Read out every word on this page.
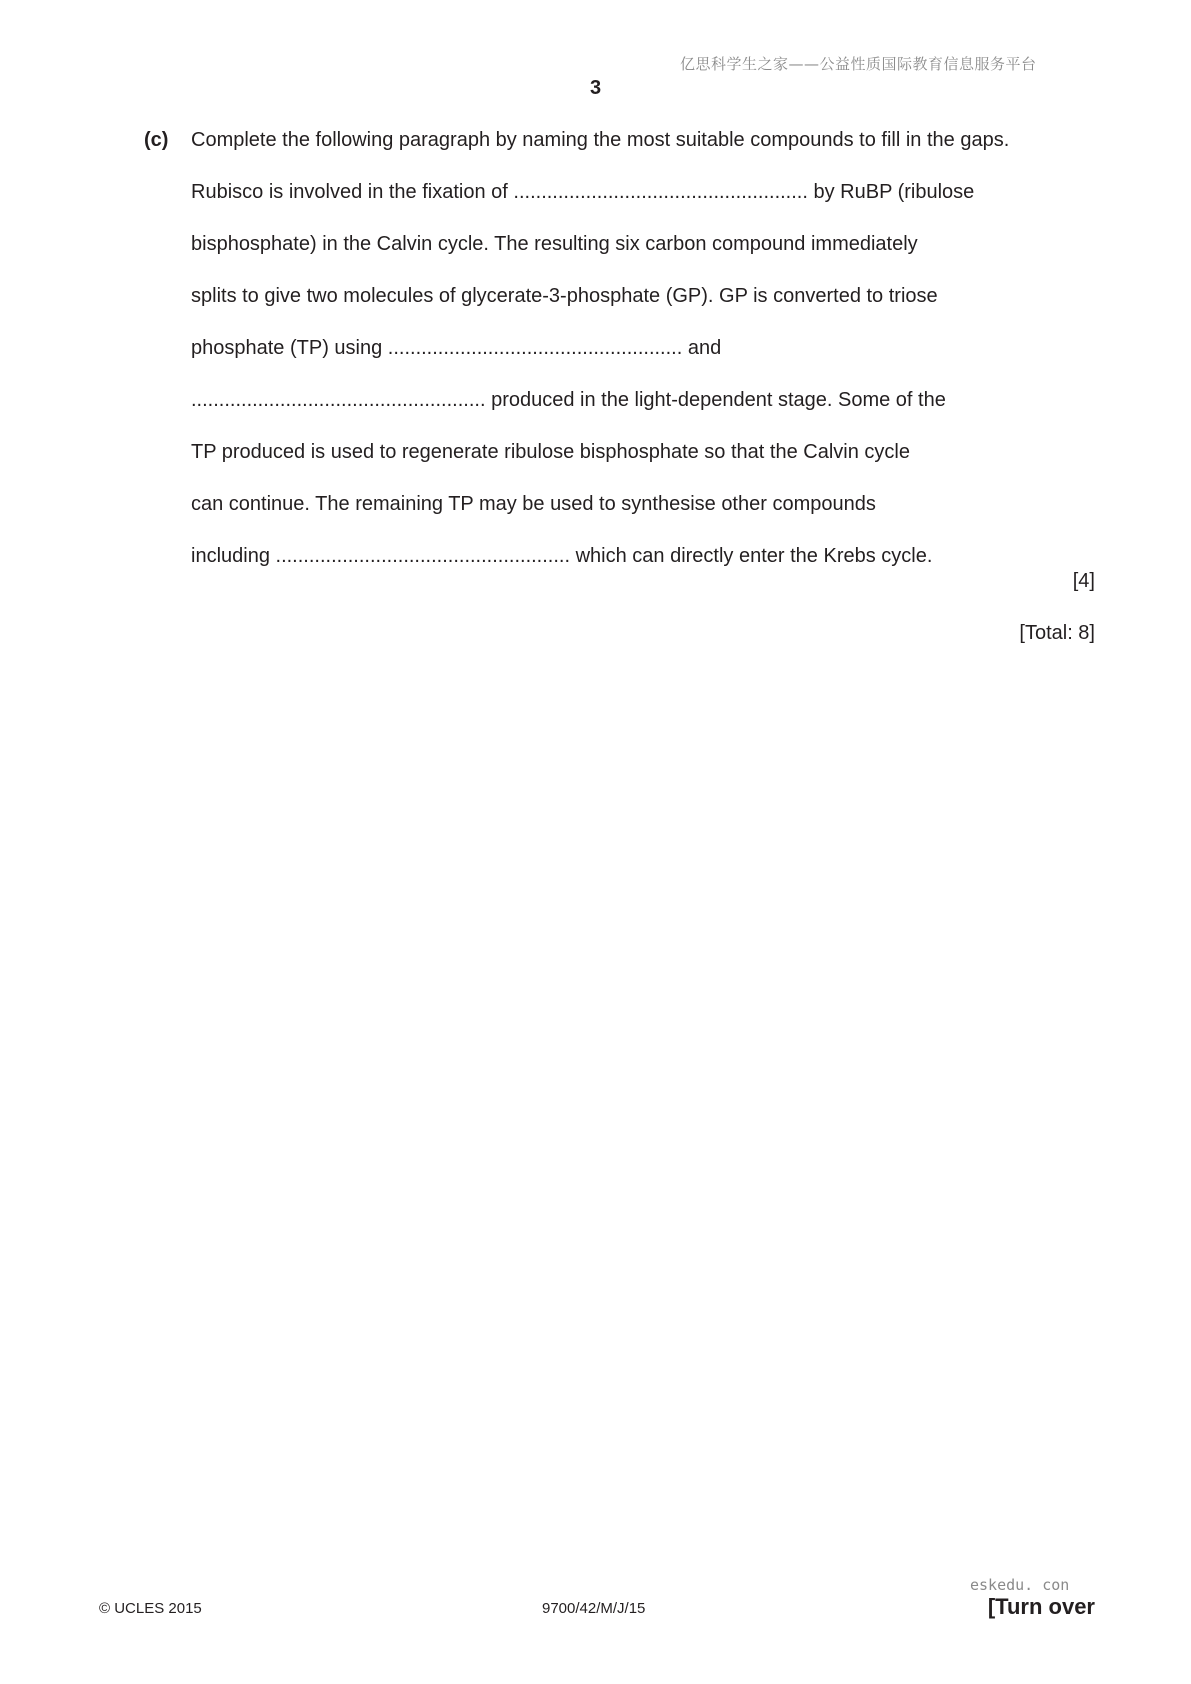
亿思科学生之家——公益性质国际教育信息服务平台
3
(c) Complete the following paragraph by naming the most suitable compounds to fill in the gaps.
Rubisco is involved in the fixation of ..................................................... by RuBP (ribulose
bisphosphate) in the Calvin cycle. The resulting six carbon compound immediately
splits to give two molecules of glycerate-3-phosphate (GP). GP is converted to triose
phosphate (TP) using ..................................................... and
..................................................... produced in the light-dependent stage. Some of the
TP produced is used to regenerate ribulose bisphosphate so that the Calvin cycle
can continue. The remaining TP may be used to synthesise other compounds
including ..................................................... which can directly enter the Krebs cycle.
[4]
[Total: 8]
© UCLES 2015	9700/42/M/J/15
eskedu. con
[Turn over
